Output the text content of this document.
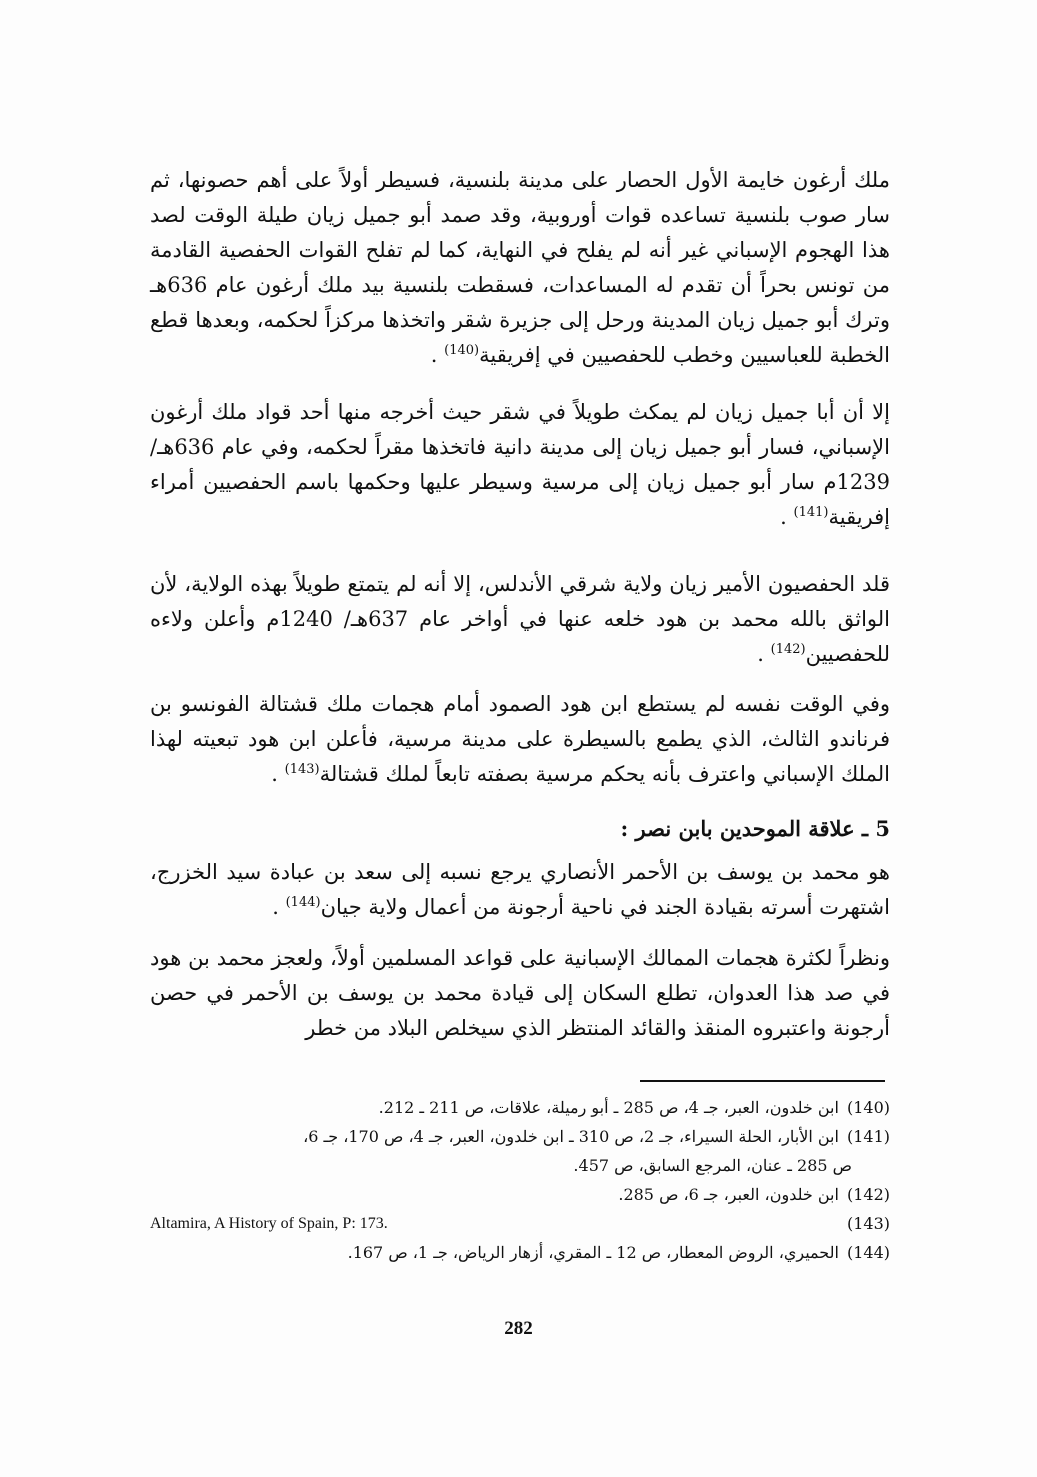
ملك أرغون خايمة الأول الحصار على مدينة بلنسية، فسيطر أولاً على أهم حصونها، ثم سار صوب بلنسية تساعده قوات أوروبية، وقد صمد أبو جميل زيان طيلة الوقت لصد هذا الهجوم الإسباني غير أنه لم يفلح في النهاية، كما لم تفلح القوات الحفصية القادمة من تونس بحراً أن تقدم له المساعدات، فسقطت بلنسية بيد ملك أرغون عام 636هـ وترك أبو جميل زيان المدينة ورحل إلى جزيرة شقر واتخذها مركزاً لحكمه، وبعدها قطع الخطبة للعباسيين وخطب للحفصيين في إفريقية$^{(140)}$ .

إلا أن أبا جميل زيان لم يمكث طويلاً في شقر حيث أخرجه منها أحد قواد ملك أرغون الإسباني، فسار أبو جميل زيان إلى مدينة دانية فاتخذها مقراً لحكمه، وفي عام 636هـ/ 1239م سار أبو جميل زيان إلى مرسية وسيطر عليها وحكمها باسم الحفصيين أمراء إفريقية$^{(141)}$ .

قلد الحفصيون الأمير زيان ولاية شرقي الأندلس، إلا أنه لم يتمتع طويلاً بهذه الولاية، لأن الواثق بالله محمد بن هود خلعه عنها في أواخر عام 637هـ/ 1240م وأعلن ولاءه للحفصيين$^{(142)}$ .

وفي الوقت نفسه لم يستطع ابن هود الصمود أمام هجمات ملك قشتالة الفونسو بن فرناندو الثالث، الذي يطمع بالسيطرة على مدينة مرسية، فأعلن ابن هود تبعيته لهذا الملك الإسباني واعترف بأنه يحكم مرسية بصفته تابعاً لملك قشتالة$^{(143)}$ .

5 ـ علاقة الموحدين بابن نصر :

هو محمد بن يوسف بن الأحمر الأنصاري يرجع نسبه إلى سعد بن عبادة سيد الخزرج، اشتهرت أسرته بقيادة الجند في ناحية أرجونة من أعمال ولاية جيان$^{(144)}$ .

ونظراً لكثرة هجمات الممالك الإسبانية على قواعد المسلمين أولاً، ولعجز محمد بن هود في صد هذا العدوان، تطلع السكان إلى قيادة محمد بن يوسف بن الأحمر في حصن أرجونة واعتبروه المنقذ والقائد المنتظر الذي سيخلص البلاد من خطر

(140)ابن خلدون، العبر، جـ 4، ص 285 ـ أبو رميلة، علاقات، ص 211 ـ 212.

(141)ابن الأبار، الحلة السيراء، جـ 2، ص 310 ـ ابن خلدون، العبر، جـ 4، ص 170، جـ 6،

ص 285 ـ عنان، المرجع السابق، ص 457.

(142)ابن خلدون، العبر، جـ 6، ص 285.

Altamira, A History of Spain, P: 173.	(143)

(144)الحميري، الروض المعطار، ص 12 ـ المقري، أزهار الرياض، جـ 1، ص 167.

282
